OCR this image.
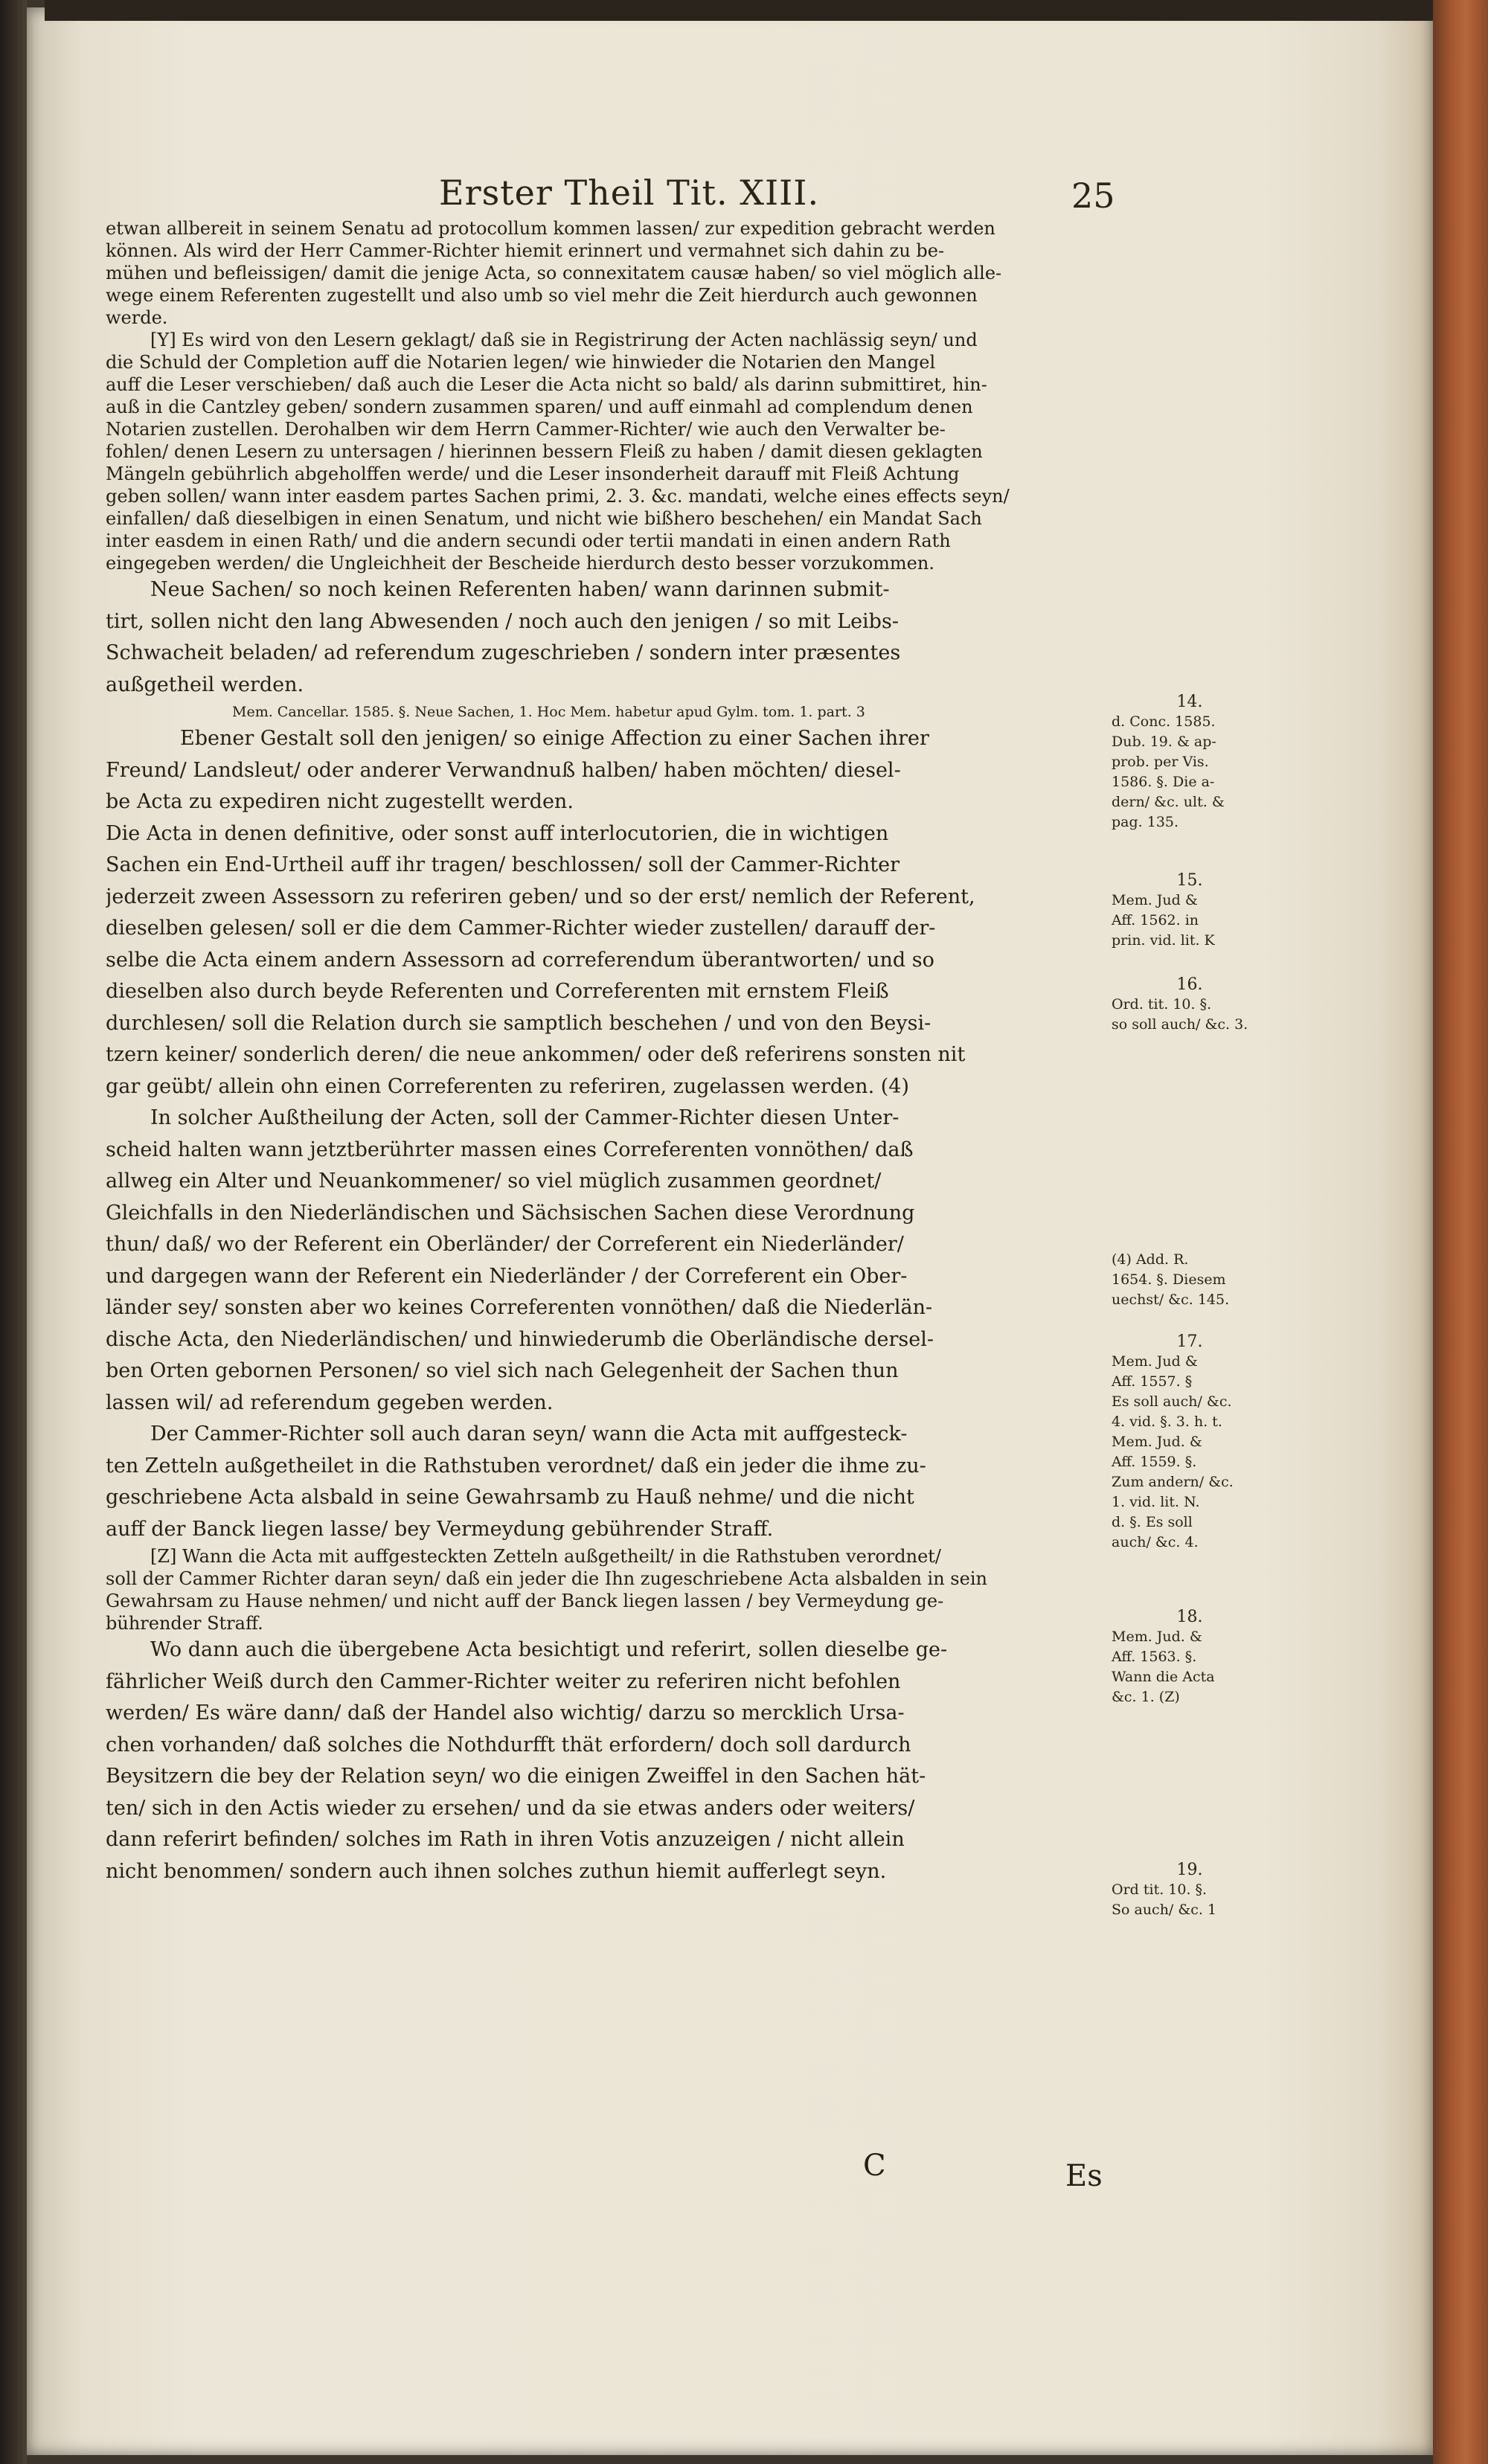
Erster Theil Tit. XIII.	25
etwan allbereit in seinem Senatu ad protocollum kommen lassen/ zur expedition gebracht werden
können. Als wird der Herr Cammer-Richter hiemit erinnert und vermahnet sich dahin zu be-
mühen und befleissigen/ damit die jenige Acta, so connexitatem causæ haben/ so viel möglich alle-
wege einem Referenten zugestellt und also umb so viel mehr die Zeit hierdurch auch gewonnen
werde.
[Y] Es wird von den Lesern geklagt/ daß sie in Registrirung der Acten nachlässig seyn/ und
die Schuld der Completion auff die Notarien legen/ wie hinwieder die Notarien den Mangel
auff die Leser verschieben/ daß auch die Leser die Acta nicht so bald/ als darinn submittiret, hin-
auß in die Cantzley geben/ sondern zusammen sparen/ und auff einmahl ad complendum denen
Notarien zustellen. Derohalben wir dem Herrn Cammer-Richter/ wie auch den Verwalter be-
fohlen/ denen Lesern zu untersagen / hierinnen bessern Fleiß zu haben / damit diesen geklagten
Mängeln gebührlich abgeholffen werde/ und die Leser insonderheit darauff mit Fleiß Achtung
geben sollen/ wann inter easdem partes Sachen primi, 2. 3. &c. mandati, welche eines effects seyn/
einfallen/ daß dieselbigen in einen Senatum, und nicht wie bißhero beschehen/ ein Mandat Sach
inter easdem in einen Rath/ und die andern secundi oder tertii mandati in einen andern Rath
eingegeben werden/ die Ungleichheit der Bescheide hierdurch desto besser vorzukommen.
Neue Sachen/ so noch keinen Referenten haben/ wann darinnen submit-
tirt, sollen nicht den lang Abwesenden / noch auch den jenigen / so mit Leibs-
Schwacheit beladen/ ad referendum zugeschrieben / sondern inter præsentes
außgetheil werden.
Mem. Cancellar. 1585. §. Neue Sachen, 1. Hoc Mem. habetur apud Gylm. tom. 1. part. 3
Ebener Gestalt soll den jenigen/ so einige Affection zu einer Sachen ihrer
Freund/ Landsleut/ oder anderer Verwandnuß halben/ haben möchten/ diesel-
be Acta zu expediren nicht zugestellt werden.
Die Acta in denen definitive, oder sonst auff interlocutorien, die in wichtigen
Sachen ein End-Urtheil auff ihr tragen/ beschlossen/ soll der Cammer-Richter
jederzeit zween Assessorn zu referiren geben/ und so der erst/ nemlich der Referent,
dieselben gelesen/ soll er die dem Cammer-Richter wieder zustellen/ darauff der-
selbe die Acta einem andern Assessorn ad correferendum überantworten/ und so
dieselben also durch beyde Referenten und Correferenten mit ernstem Fleiß
durchlesen/ soll die Relation durch sie samptlich beschehen / und von den Beysi-
tzern keiner/ sonderlich deren/ die neue ankommen/ oder deß referirens sonsten nit
gar geübt/ allein ohn einen Correferenten zu referiren, zugelassen werden. (4)
In solcher Außtheilung der Acten, soll der Cammer-Richter diesen Unter-
scheid halten wann jetztberührter massen eines Correferenten vonnöthen/ daß
allweg ein Alter und Neuankommener/ so viel müglich zusammen geordnet/
Gleichfalls in den Niederländischen und Sächsischen Sachen diese Verordnung
thun/ daß/ wo der Referent ein Oberländer/ der Correferent ein Niederländer/
und dargegen wann der Referent ein Niederländer / der Correferent ein Ober-
länder sey/ sonsten aber wo keines Correferenten vonnöthen/ daß die Niederlän-
dische Acta, den Niederländischen/ und hinwiederumb die Oberländische dersel-
ben Orten gebornen Personen/ so viel sich nach Gelegenheit der Sachen thun
lassen wil/ ad referendum gegeben werden.
Der Cammer-Richter soll auch daran seyn/ wann die Acta mit auffgesteck-
ten Zetteln außgetheilet in die Rathstuben verordnet/ daß ein jeder die ihme zu-
geschriebene Acta alsbald in seine Gewahrsamb zu Hauß nehme/ und die nicht
auff der Banck liegen lasse/ bey Vermeydung gebührender Straff.
[Z] Wann die Acta mit auffgesteckten Zetteln außgetheilt/ in die Rathstuben verordnet/
soll der Cammer Richter daran seyn/ daß ein jeder die Ihn zugeschriebene Acta alsbalden in sein
Gewahrsam zu Hause nehmen/ und nicht auff der Banck liegen lassen / bey Vermeydung ge-
bührender Straff.
Wo dann auch die übergebene Acta besichtigt und referirt, sollen dieselbe ge-
fährlicher Weiß durch den Cammer-Richter weiter zu referiren nicht befohlen
werden/ Es wäre dann/ daß der Handel also wichtig/ darzu so mercklich Ursa-
chen vorhanden/ daß solches die Nothdurfft thät erfordern/ doch soll dardurch
Beysitzern die bey der Relation seyn/ wo die einigen Zweiffel in den Sachen hät-
ten/ sich in den Actis wieder zu ersehen/ und da sie etwas anders oder weiters/
dann referirt befinden/ solches im Rath in ihren Votis anzuzeigen / nicht allein
nicht benommen/ sondern auch ihnen solches zuthun hiemit aufferlegt seyn.
14.
d. Conc. 1585.
Dub. 19. & ap-
prob. per Vis.
1586. §. Die a-
dern/ &c. ult. &
pag. 135.
15.
Mem. Jud &
Aff. 1562. in
prin. vid. lit. K
16.
Ord. tit. 10. §.
so soll auch/ &c. 3.
(4) Add. R.
1654. §. Diesem
uechst/ &c. 145.
17.
Mem. Jud &
Aff. 1557. §
Es soll auch/ &c.
4. vid. §. 3. h. t.
Mem. Jud. &
Aff. 1559. §.
Zum andern/ &c.
1. vid. lit. N.
d. §. Es soll
auch/ &c. 4.
18.
Mem. Jud. &
Aff. 1563. §.
Wann die Acta
&c. 1. (Z)
19.
Ord tit. 10. §.
So auch/ &c. 1
C	Es
